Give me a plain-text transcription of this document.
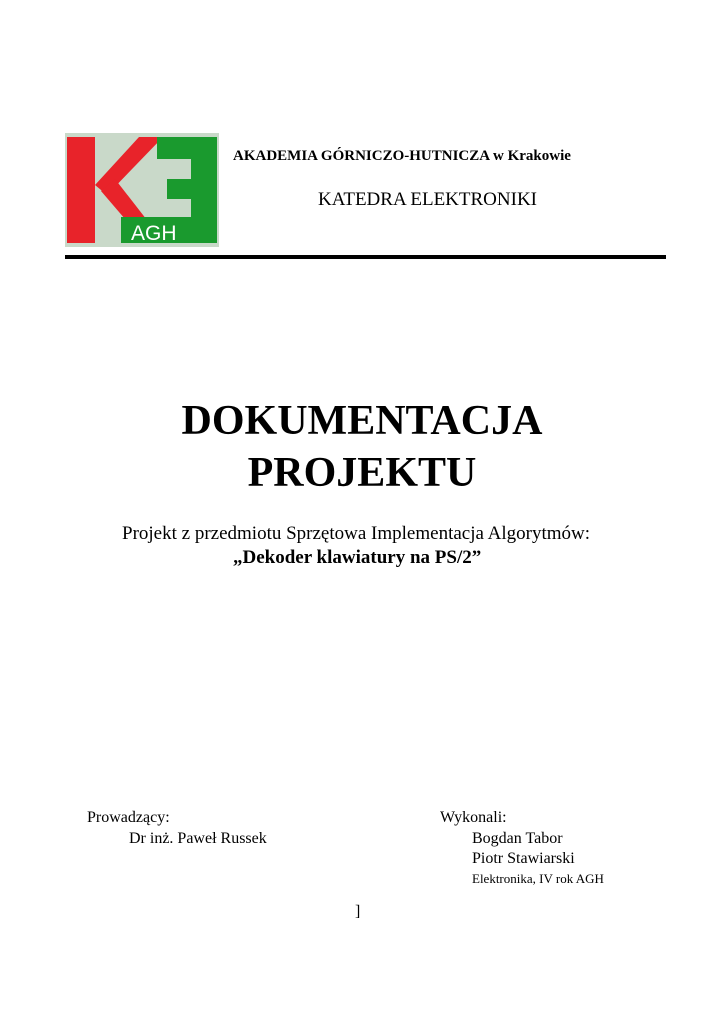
AGH
AKADEMIA GÓRNICZO-HUTNICZA w Krakowie
KATEDRA ELEKTRONIKI
DOKUMENTACJA
PROJEKTU
Projekt z przedmiotu Sprzętowa Implementacja Algorytmów:
„Dekoder klawiatury na PS/2”
Prowadzący:
Dr inż. Paweł Russek
Wykonali:
Bogdan Tabor
Piotr Stawiarski
Elektronika, IV rok AGH
]
